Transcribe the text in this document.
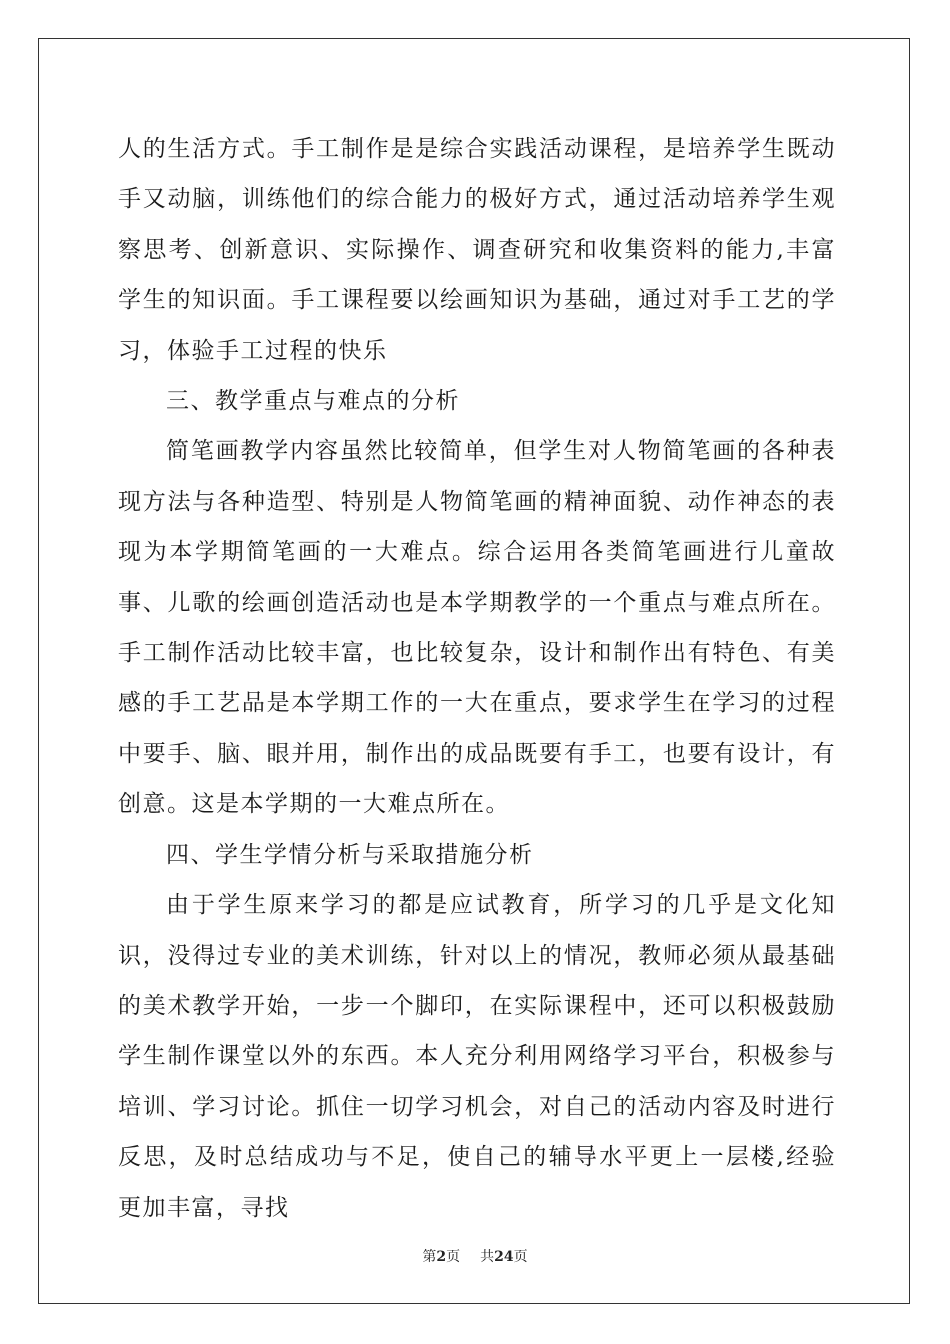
人的生活方式。手工制作是是综合实践活动课程，是培养学生既动手又动脑，训练他们的综合能力的极好方式，通过活动培养学生观察思考、创新意识、实际操作、调查研究和收集资料的能力,丰富学生的知识面。手工课程要以绘画知识为基础，通过对手工艺的学习，体验手工过程的快乐

三、教学重点与难点的分析

简笔画教学内容虽然比较简单，但学生对人物简笔画的各种表现方法与各种造型、特别是人物简笔画的精神面貌、动作神态的表现为本学期简笔画的一大难点。综合运用各类简笔画进行儿童故事、儿歌的绘画创造活动也是本学期教学的一个重点与难点所在。手工制作活动比较丰富，也比较复杂，设计和制作出有特色、有美感的手工艺品是本学期工作的一大在重点，要求学生在学习的过程中要手、脑、眼并用，制作出的成品既要有手工，也要有设计，有创意。这是本学期的一大难点所在。

四、学生学情分析与采取措施分析

由于学生原来学习的都是应试教育，所学习的几乎是文化知识，没得过专业的美术训练，针对以上的情况，教师必须从最基础的美术教学开始，一步一个脚印，在实际课程中，还可以积极鼓励学生制作课堂以外的东西。本人充分利用网络学习平台，积极参与培训、学习讨论。抓住一切学习机会，对自己的活动内容及时进行反思，及时总结成功与不足，使自己的辅导水平更上一层楼,经验更加丰富，寻找

第2页 共24页
